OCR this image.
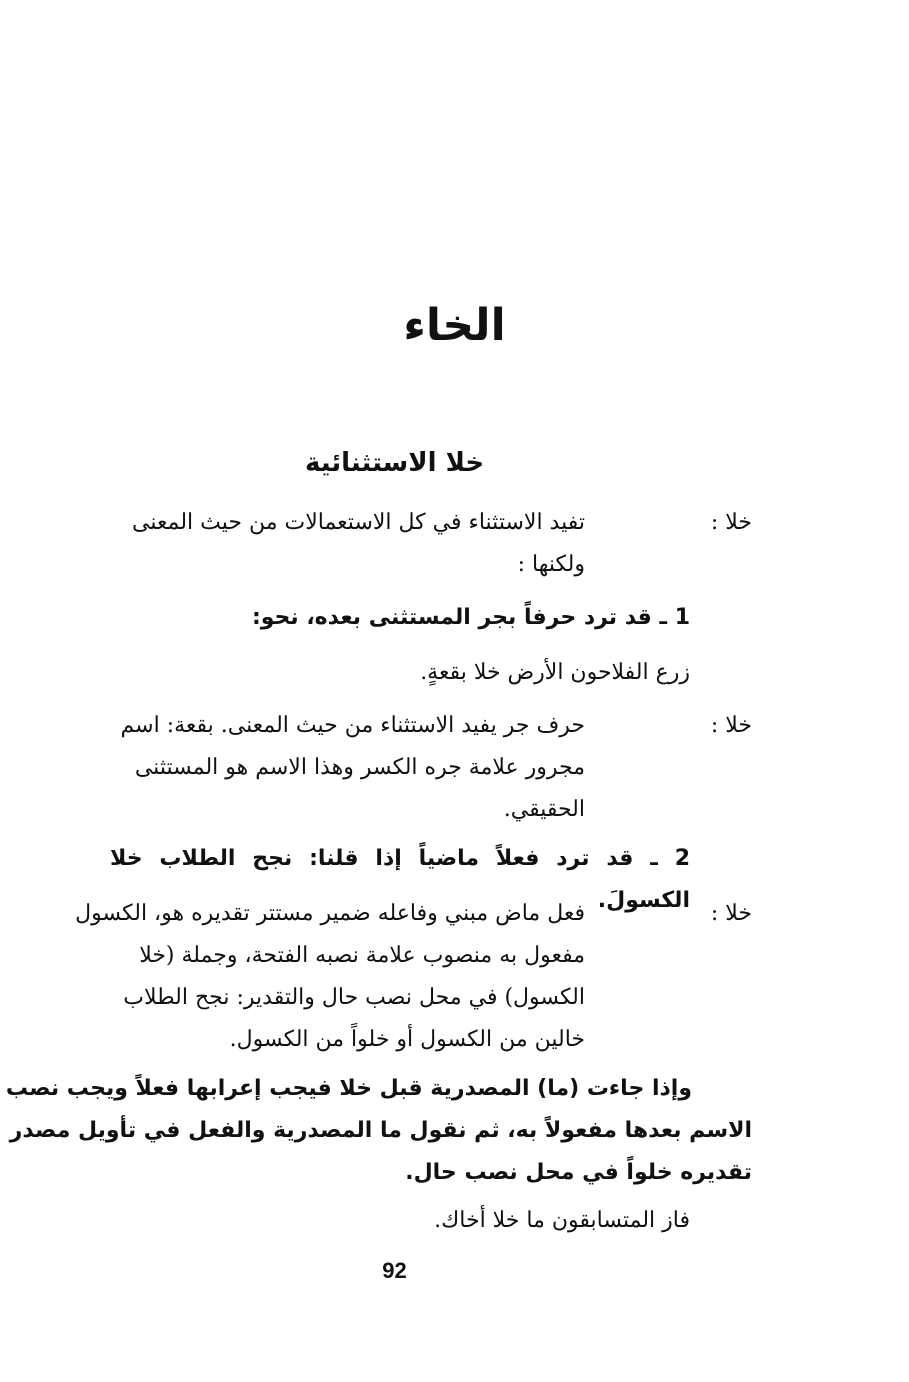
الخاء
خلا الاستثنائية
خلا :
تفيد الاستثناء في كل الاستعمالات من حيث المعنى
ولكنها :
1 ـ قد ترد حرفاً بجر المستثنى بعده، نحو:
زرع الفلاحون الأرض خلا بقعةٍ.
خلا :
حرف جر يفيد الاستثناء من حيث المعنى. بقعة: اسم
مجرور علامة جره الكسر وهذا الاسم هو المستثنى
الحقيقي.
2 ـ قد ترد فعلاً ماضياً إذا قلنا: نجح الطلاب خلا الكسولَ.
خلا :
فعل ماض مبني وفاعله ضمير مستتر تقديره هو، الكسول
مفعول به منصوب علامة نصبه الفتحة، وجملة (خلا
الكسول) في محل نصب حال والتقدير: نجح الطلاب
خالين من الكسول أو خلواً من الكسول.
وإذا جاءت (ما) المصدرية قبل خلا فيجب إعرابها فعلاً ويجب نصب
الاسم بعدها مفعولاً به، ثم نقول ما المصدرية والفعل في تأويل مصدر
تقديره خلواً في محل نصب حال.
فاز المتسابقون ما خلا أخاك.
92
